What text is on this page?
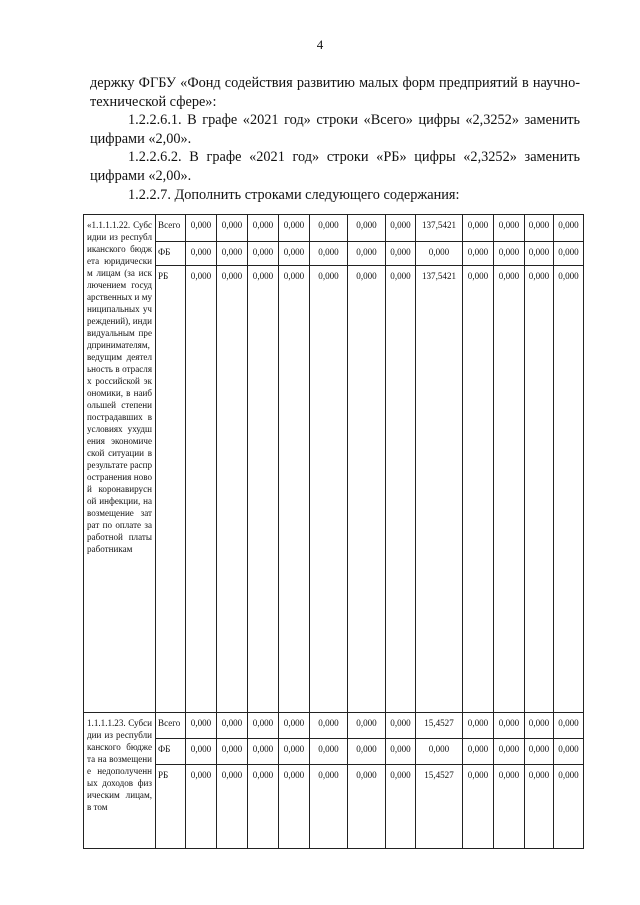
4

держку ФГБУ «Фонд содействия развитию малых форм предприятий в научно-технической сфере»:

1.2.2.6.1. В графе «2021 год» строки «Всего» цифры «2,3252» заменить цифрами «2,00».

1.2.2.6.2. В графе «2021 год» строки «РБ» цифры «2,3252» заменить цифрами «2,00».

1.2.2.7. Дополнить строками следующего содержания:

«1.1.1.1.22. Субсидии из республиканского бюджета юридическим лицам (за исключением государственных и муниципальных учреждений), индивидуальным предпринимателям, ведущим деятельность в отраслях российской экономики, в наибольшей степени пострадавших в условиях ухудшения экономической ситуации в результате распространения новой коронавирусной инфекции, на возмещение затрат по оплате заработной платы работникам	Всего	0,000	0,000	0,000	0,000	0,000	0,000	0,000	137,5421	0,000	0,000	0,000	0,000
	ФБ	0,000	0,000	0,000	0,000	0,000	0,000	0,000	0,000	0,000	0,000	0,000	0,000
	РБ	0,000	0,000	0,000	0,000	0,000	0,000	0,000	137,5421	0,000	0,000	0,000	0,000
1.1.1.1.23. Субсидии из республиканского бюджета на возмещение недополученных доходов физическим лицам, в том	Всего	0,000	0,000	0,000	0,000	0,000	0,000	0,000	15,4527	0,000	0,000	0,000	0,000
	ФБ	0,000	0,000	0,000	0,000	0,000	0,000	0,000	0,000	0,000	0,000	0,000	0,000
	РБ	0,000	0,000	0,000	0,000	0,000	0,000	0,000	15,4527	0,000	0,000	0,000	0,000
